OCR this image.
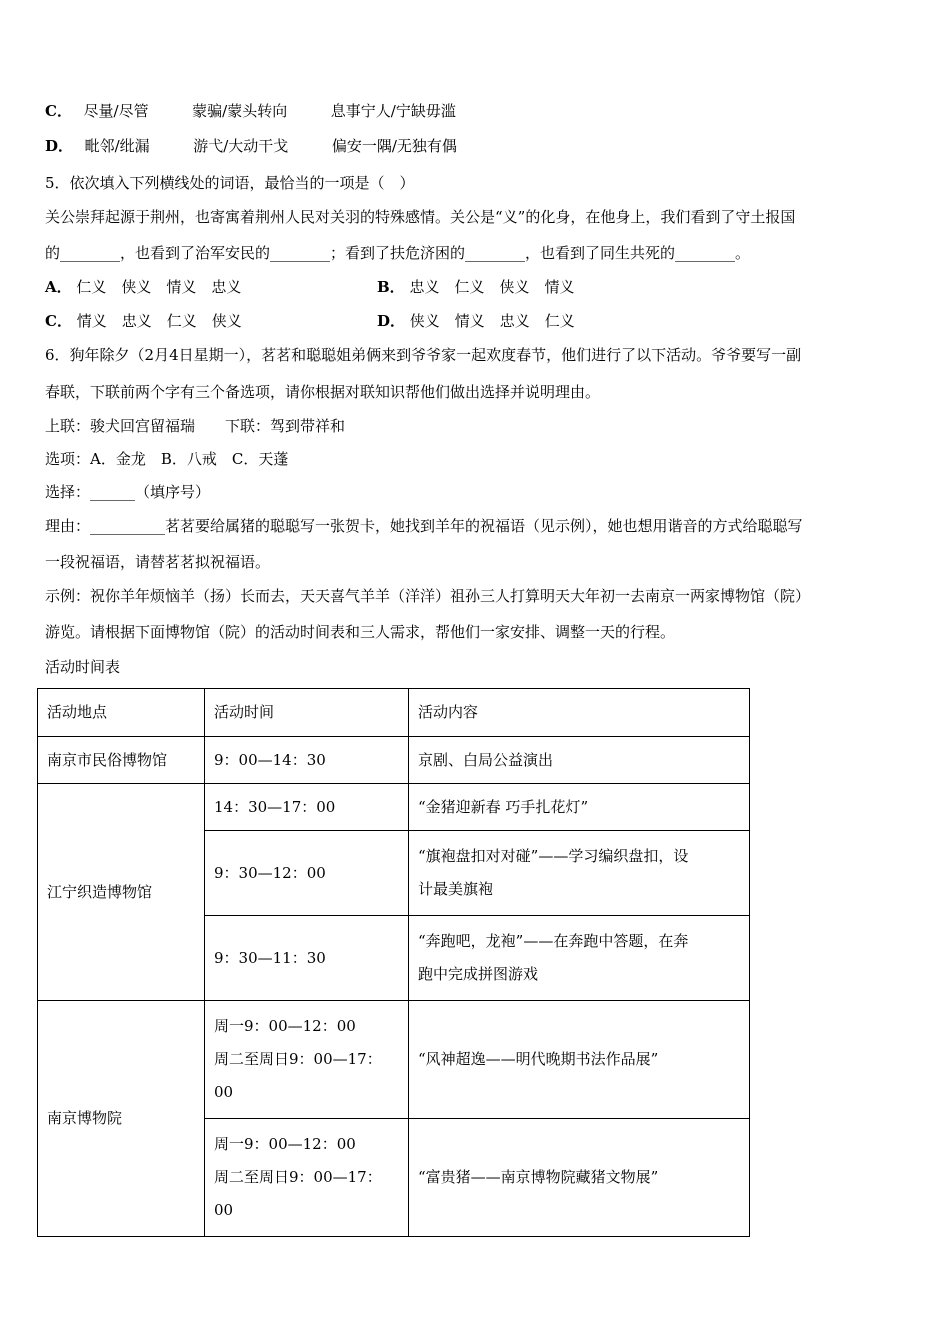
C． 尽量/尽管	蒙骗/蒙头转向	息事宁人/宁缺毋滥
D． 毗邻/纰漏	游弋/大动干戈	偏安一隅/无独有偶
5．依次填入下列横线处的词语，最恰当的一项是（　）
关公崇拜起源于荆州，也寄寓着荆州人民对关羽的特殊感情。关公是“义”的化身，在他身上，我们看到了守土报国
的________，也看到了治军安民的________；看到了扶危济困的________，也看到了同生共死的________。
A． 仁义　侠义　情义　忠义	B． 忠义　仁义　侠义　情义
C． 情义　忠义　仁义　侠义	D． 侠义　情义　忠义　仁义
6．狗年除夕（2月4日星期一），茗茗和聪聪姐弟俩来到爷爷家一起欢度春节，他们进行了以下活动。爷爷要写一副
春联，下联前两个字有三个备选项，请你根据对联知识帮他们做出选择并说明理由。
上联：骏犬回宫留福瑞　　下联：驾到带祥和
选项：A．金龙　B．八戒　C．天蓬
选择：______（填序号）
理由：__________茗茗要给属猪的聪聪写一张贺卡，她找到羊年的祝福语（见示例），她也想用谐音的方式给聪聪写
一段祝福语，请替茗茗拟祝福语。
示例：祝你羊年烦恼羊（扬）长而去，天天喜气羊羊（洋洋）祖孙三人打算明天大年初一去南京一两家博物馆（院）
游览。请根据下面博物馆（院）的活动时间表和三人需求，帮他们一家安排、调整一天的行程。
活动时间表
活动地点	活动时间	活动内容
南京市民俗博物馆	9：00—14：30	京剧、白局公益演出
江宁织造博物馆	14：30—17：00	“金猪迎新春 巧手扎花灯”
	9：30—12：00	“旗袍盘扣对对碰”——学习编织盘扣，设
计最美旗袍

	9：30—11：30	“奔跑吧，龙袍”——在奔跑中答题，在奔
跑中完成拼图游戏

南京博物院	周一9：00—12：00
周二至周日9：00—17：
00	“风神超逸——明代晚期书法作品展”

	周一9：00—12：00
周二至周日9：00—17：
00	“富贵猪——南京博物院藏猪文物展”
